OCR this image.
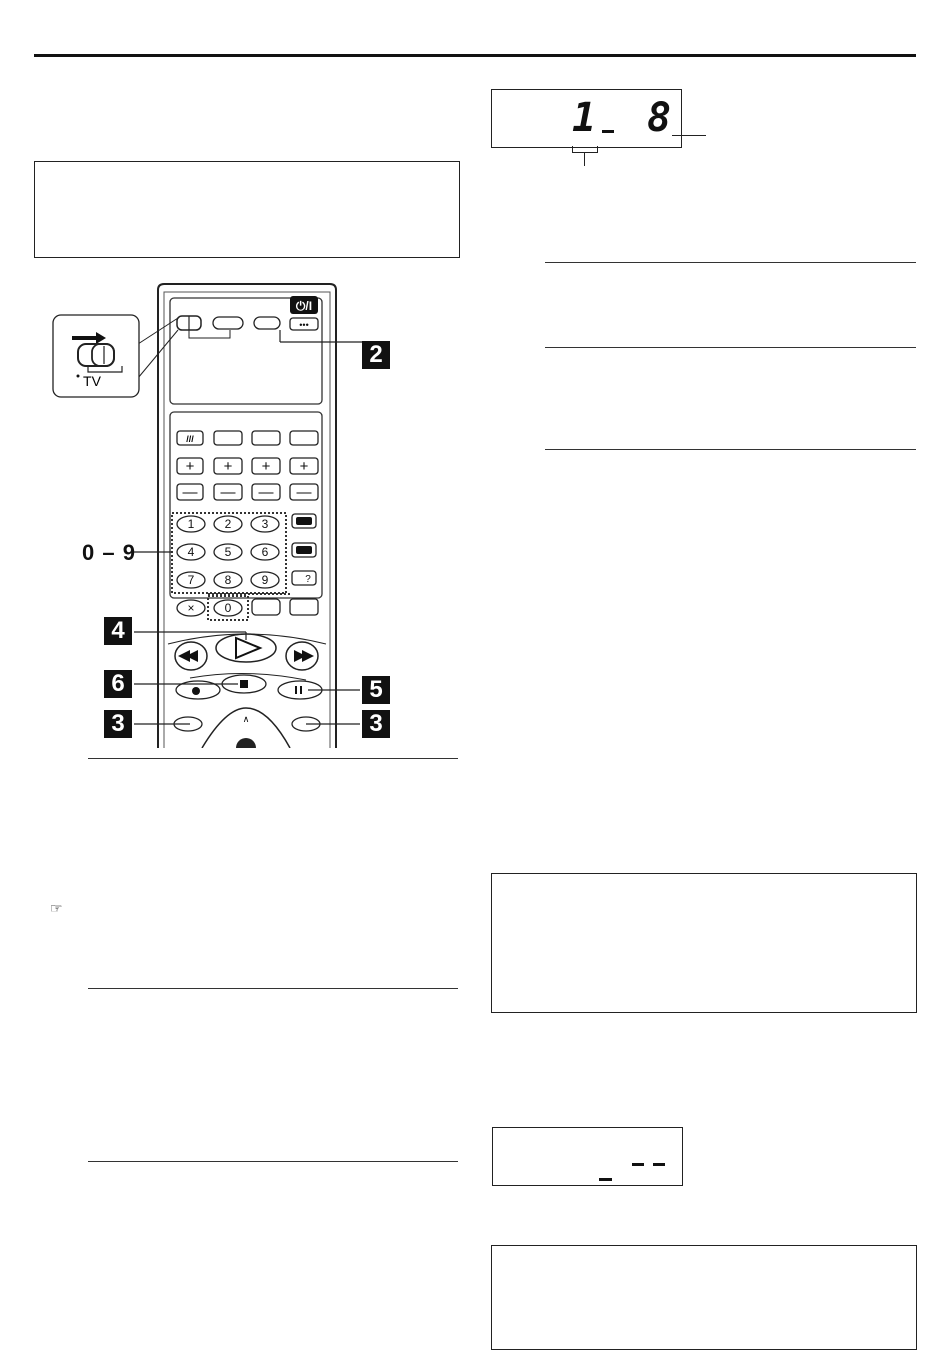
⏻/I
•••
///
+ + + +
— — — —
1	2	3
4	5	6
7	8	9
×	0
?
∧
TV
2
4
6	5
3	3
0 – 9
☞
1 8
